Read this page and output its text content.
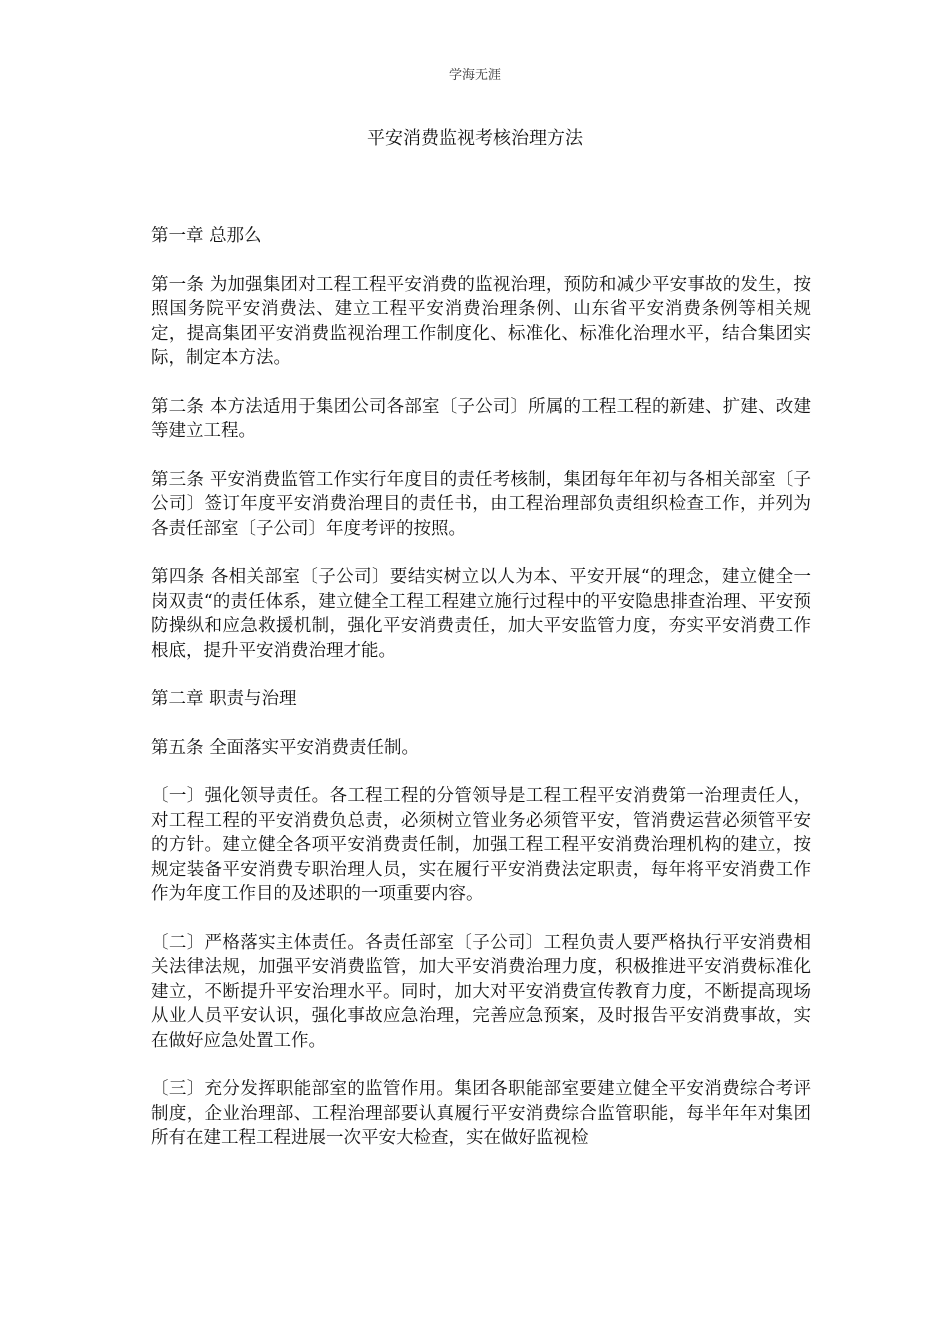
学海无涯
平安消费监视考核治理方法

第一章 总那么

第一条 为加强集团对工程工程平安消费的监视治理，预防和减少平安事故的发生，按照国务院平安消费法、建立工程平安消费治理条例、山东省平安消费条例等相关规定，提高集团平安消费监视治理工作制度化、标准化、标准化治理水平，结合集团实际，制定本方法。

第二条 本方法适用于集团公司各部室〔子公司〕所属的工程工程的新建、扩建、改建等建立工程。

第三条 平安消费监管工作实行年度目的责任考核制，集团每年年初与各相关部室〔子公司〕签订年度平安消费治理目的责任书，由工程治理部负责组织检查工作，并列为各责任部室〔子公司〕年度考评的按照。

第四条 各相关部室〔子公司〕要结实树立以人为本、平安开展“的理念，建立健全一岗双责“的责任体系，建立健全工程工程建立施行过程中的平安隐患排查治理、平安预防操纵和应急救援机制，强化平安消费责任，加大平安监管力度，夯实平安消费工作根底，提升平安消费治理才能。

第二章 职责与治理

第五条 全面落实平安消费责任制。

〔一〕强化领导责任。各工程工程的分管领导是工程工程平安消费第一治理责任人，对工程工程的平安消费负总责，必须树立管业务必须管平安，管消费运营必须管平安的方针。建立健全各项平安消费责任制，加强工程工程平安消费治理机构的建立，按规定装备平安消费专职治理人员，实在履行平安消费法定职责，每年将平安消费工作作为年度工作目的及述职的一项重要内容。

〔二〕严格落实主体责任。各责任部室〔子公司〕工程负责人要严格执行平安消费相关法律法规，加强平安消费监管，加大平安消费治理力度，积极推进平安消费标准化建立，不断提升平安治理水平。同时，加大对平安消费宣传教育力度，不断提高现场从业人员平安认识，强化事故应急治理，完善应急预案，及时报告平安消费事故，实在做好应急处置工作。

〔三〕充分发挥职能部室的监管作用。集团各职能部室要建立健全平安消费综合考评制度，企业治理部、工程治理部要认真履行平安消费综合监管职能，每半年年对集团所有在建工程工程进展一次平安大检查，实在做好监视检
